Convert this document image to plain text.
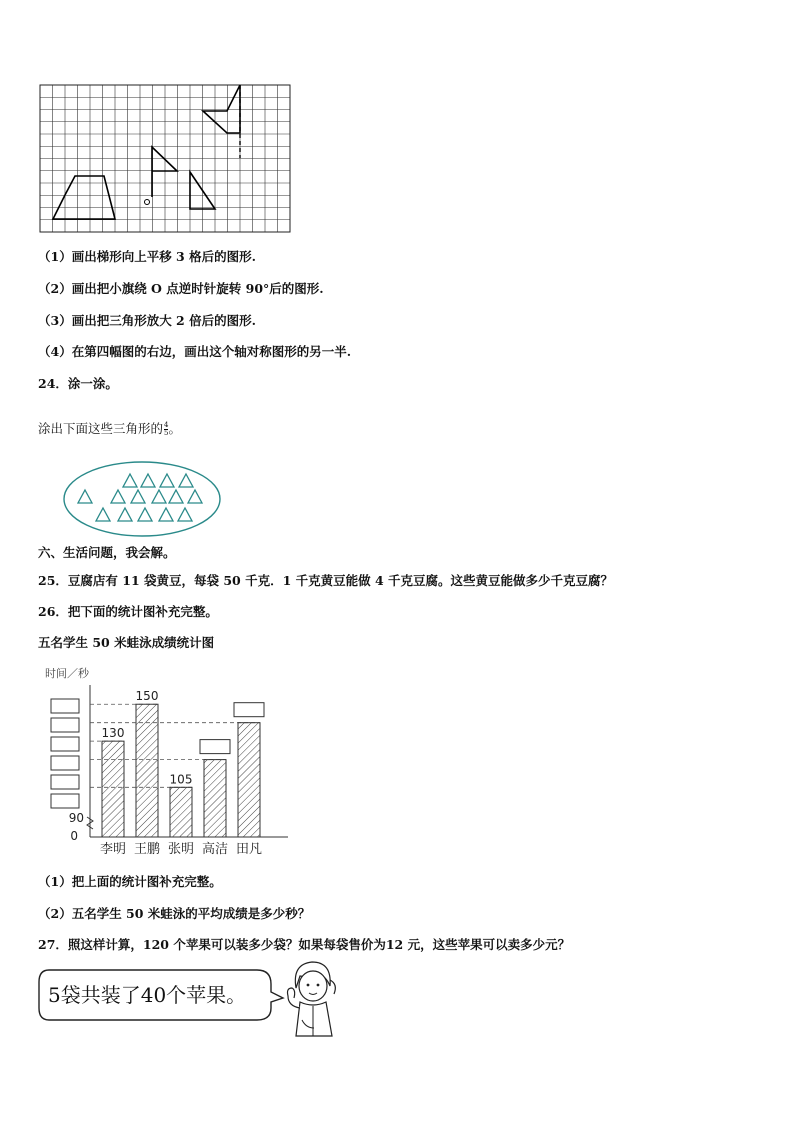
（1）画出梯形向上平移 3 格后的图形.
（2）画出把小旗绕 O 点逆时针旋转 90°后的图形.
（3）画出把三角形放大 2 倍后的图形.
（4）在第四幅图的右边，画出这个轴对称图形的另一半.
24．涂一涂。
涂出下面这些三角形的 $\frac{4}{5}$ 。
六、生活问题，我会解。
25．豆腐店有 11 袋黄豆，每袋 50 千克．1 千克黄豆能做 4 千克豆腐。这些黄豆能做多少千克豆腐？
26．把下面的统计图补充完整。
五名学生 50 米蛙泳成绩统计图
时间／秒
90
0
130
李明
150
王鹏
105
张明 高洁 田凡
（1）把上面的统计图补充完整。
（2）五名学生 50 米蛙泳的平均成绩是多少秒？
27．照这样计算，120 个苹果可以装多少袋？如果每袋售价为12 元，这些苹果可以卖多少元？
5袋共装了40个苹果。
